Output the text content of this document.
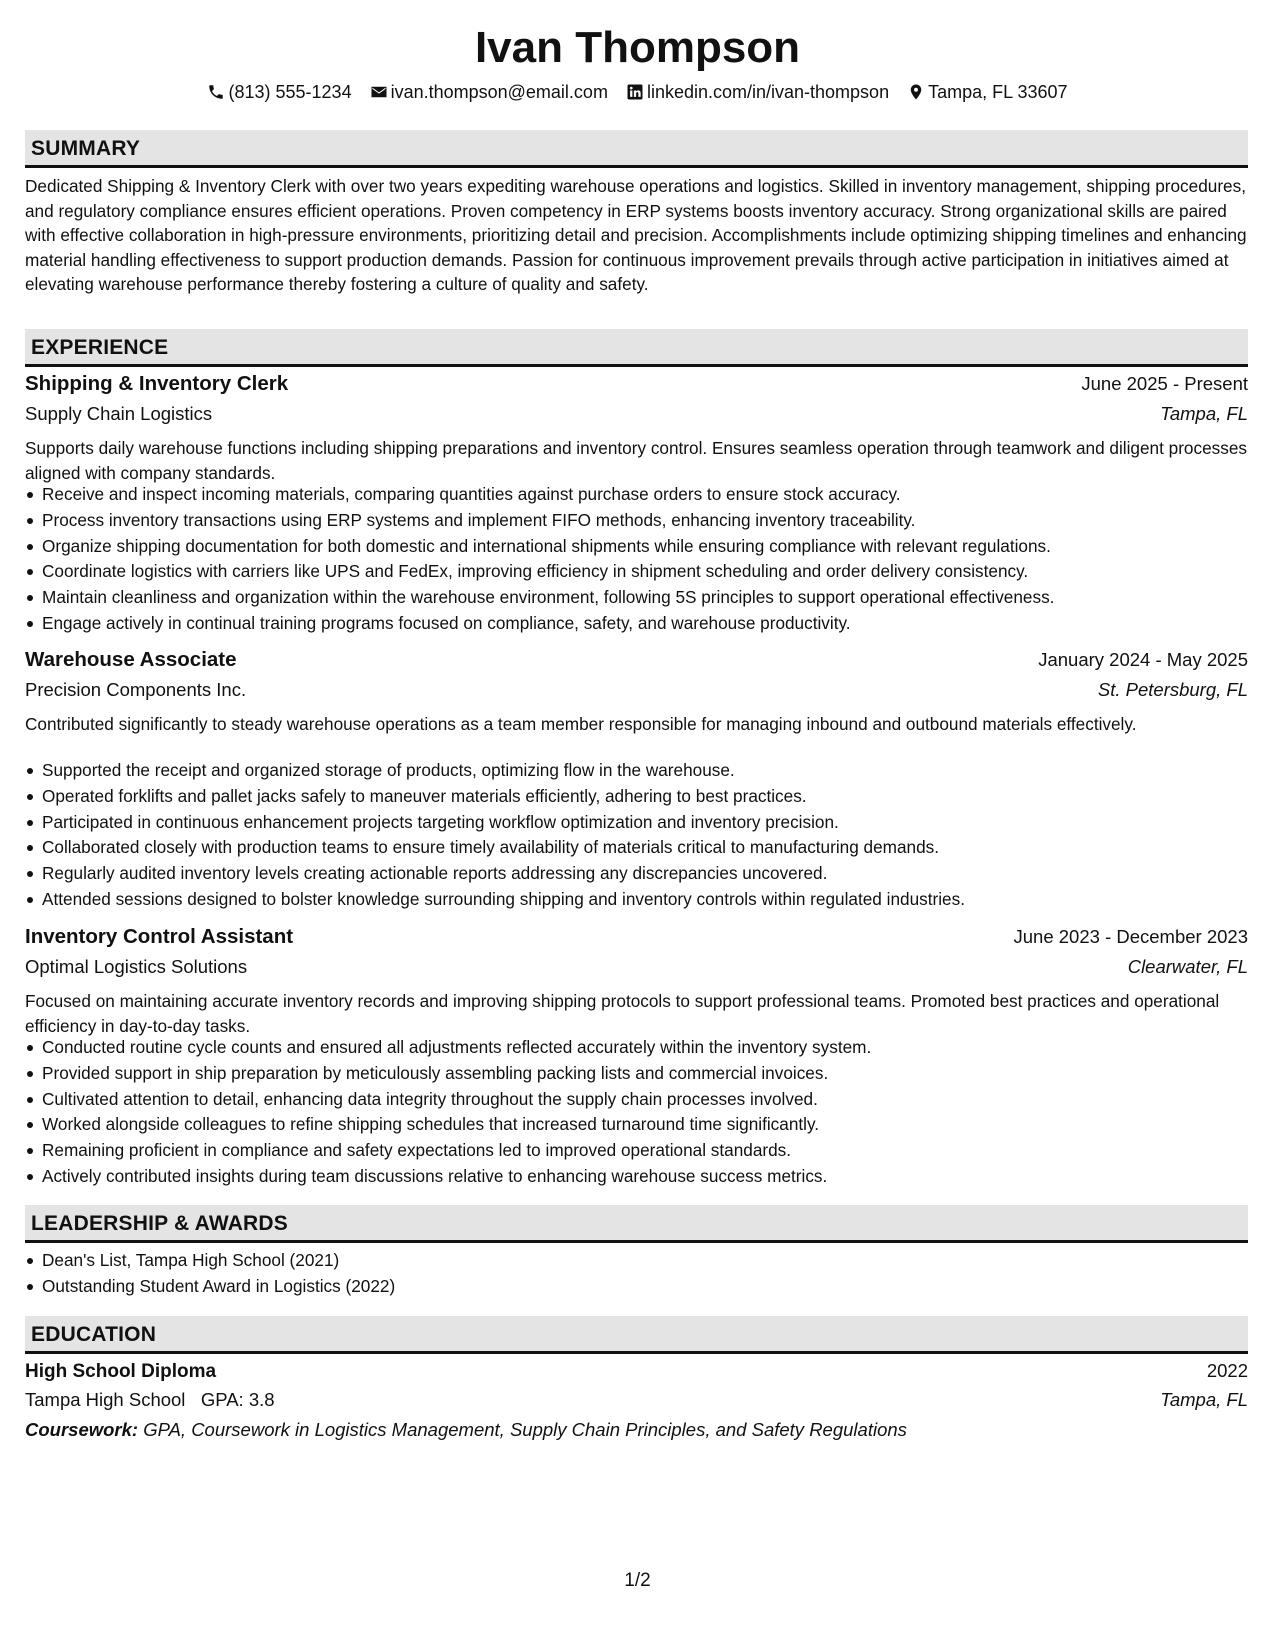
Ivan Thompson
(813) 555-1234 ivan.thompson@email.com linkedin.com/in/ivan-thompson Tampa, FL 33607
SUMMARY

Dedicated Shipping & Inventory Clerk with over two years expediting warehouse operations and logistics. Skilled in inventory management, shipping procedures, and regulatory compliance ensures efficient operations. Proven competency in ERP systems boosts inventory accuracy. Strong organizational skills are paired with effective collaboration in high-pressure environments, prioritizing detail and precision. Accomplishments include optimizing shipping timelines and enhancing material handling effectiveness to support production demands. Passion for continuous improvement prevails through active participation in initiatives aimed at elevating warehouse performance thereby fostering a culture of quality and safety.

EXPERIENCE
Shipping & Inventory Clerk	June 2025 - Present
Supply Chain Logistics	Tampa, FL

Supports daily warehouse functions including shipping preparations and inventory control. Ensures seamless operation through teamwork and diligent processes aligned with company standards.

Receive and inspect incoming materials, comparing quantities against purchase orders to ensure stock accuracy.
Process inventory transactions using ERP systems and implement FIFO methods, enhancing inventory traceability.
Organize shipping documentation for both domestic and international shipments while ensuring compliance with relevant regulations.
Coordinate logistics with carriers like UPS and FedEx, improving efficiency in shipment scheduling and order delivery consistency.
Maintain cleanliness and organization within the warehouse environment, following 5S principles to support operational effectiveness.
Engage actively in continual training programs focused on compliance, safety, and warehouse productivity.
Warehouse Associate	January 2024 - May 2025
Precision Components Inc.	St. Petersburg, FL

Contributed significantly to steady warehouse operations as a team member responsible for managing inbound and outbound materials effectively.

Supported the receipt and organized storage of products, optimizing flow in the warehouse.
Operated forklifts and pallet jacks safely to maneuver materials efficiently, adhering to best practices.
Participated in continuous enhancement projects targeting workflow optimization and inventory precision.
Collaborated closely with production teams to ensure timely availability of materials critical to manufacturing demands.
Regularly audited inventory levels creating actionable reports addressing any discrepancies uncovered.
Attended sessions designed to bolster knowledge surrounding shipping and inventory controls within regulated industries.
Inventory Control Assistant	June 2023 - December 2023
Optimal Logistics Solutions	Clearwater, FL

Focused on maintaining accurate inventory records and improving shipping protocols to support professional teams. Promoted best practices and operational efficiency in day-to-day tasks.

Conducted routine cycle counts and ensured all adjustments reflected accurately within the inventory system.
Provided support in ship preparation by meticulously assembling packing lists and commercial invoices.
Cultivated attention to detail, enhancing data integrity throughout the supply chain processes involved.
Worked alongside colleagues to refine shipping schedules that increased turnaround time significantly.
Remaining proficient in compliance and safety expectations led to improved operational standards.
Actively contributed insights during team discussions relative to enhancing warehouse success metrics.
LEADERSHIP & AWARDS
Dean's List, Tampa High School (2021)
Outstanding Student Award in Logistics (2022)
EDUCATION
High School Diploma	2022
Tampa High School GPA: 3.8	Tampa, FL
Coursework: GPA, Coursework in Logistics Management, Supply Chain Principles, and Safety Regulations
1/2
